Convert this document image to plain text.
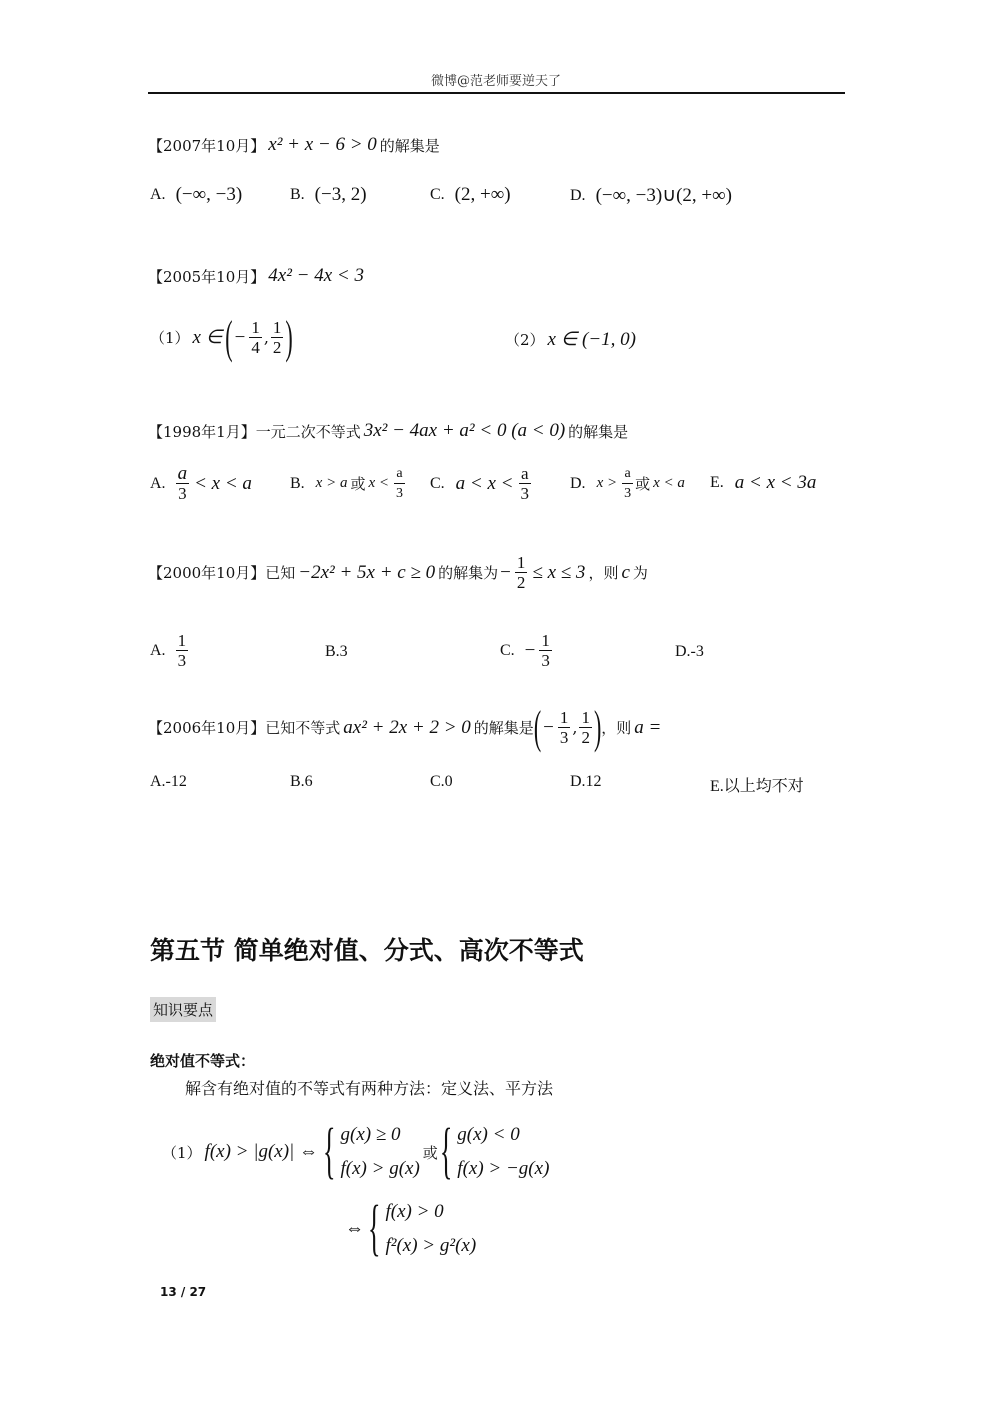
微博@范老师要逆天了
【2007年10月】 x² + x − 6 > 0 的解集是
A. (−∞, −3)	B. (−3, 2)	C. (2, +∞)	D. (−∞, −3)∪(2, +∞)
【2005年10月】 4x² − 4x < 3
（1） x ∈ ( − $\frac{1}{4}$ , $\frac{1}{2}$ )	（2） x ∈ (−1, 0)
【1998年1月】一元二次不等式 3x² − 4ax + a² < 0 (a < 0) 的解集是
A. $\frac{a}{3} < x < a$ B. x > a 或 $x < \frac{a}{3} C$. $a < x < \frac{a}{3} D$. $x > \frac{a}{3}$ 或 x < a E. a < x < 3a
【2000年10月】已知 −2x² + 5x + c ≥ 0 的解集为 − $\frac{1}{2} \le x \le 3$ ，则 c 为
A. $\frac{1}{3}$	B.3	C. − $\frac{1}{3}$	D.-3
【2006年10月】已知不等式 ax² + 2x + 2 > 0 的解集是 ( − $\frac{1}{3}$ , $\frac{1}{2}$ ) ，则 a =
A.-12	B.6	C.0	D.12	E.以上均不对
第五节 简单绝对值、分式、高次不等式
知识要点
绝对值不等式：
解含有绝对值的不等式有两种方法：定义法、平方法
（1） f(x) > |g(x)| ⇔ { g(x) ≥ 0
f(x) > g(x)
或 { g(x) < 0
f(x) > −g(x)
⇔ { f(x) > 0
f²(x) > g²(x)
13 / 27
